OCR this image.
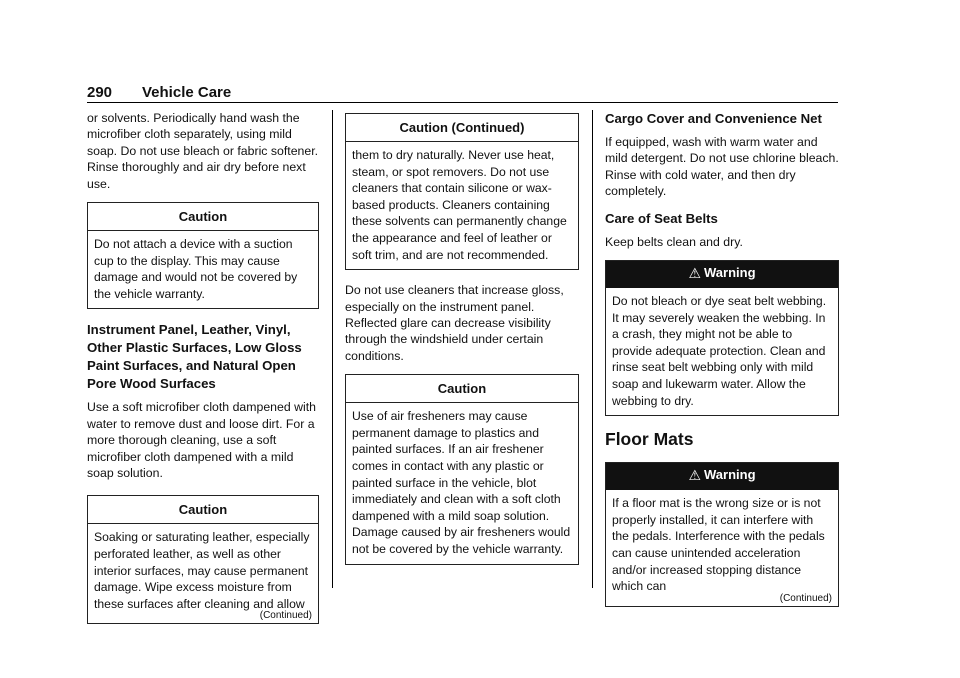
290 Vehicle Care

or solvents. Periodically hand wash the microfiber cloth separately, using mild soap. Do not use bleach or fabric softener. Rinse thoroughly and air dry before next use.

Caution
Do not attach a device with a suction cup to the display. This may cause damage and would not be covered by the vehicle warranty.
Instrument Panel, Leather, Vinyl, Other Plastic Surfaces, Low Gloss Paint Surfaces, and Natural Open Pore Wood Surfaces

Use a soft microfiber cloth dampened with water to remove dust and loose dirt. For a more thorough cleaning, use a soft microfiber cloth dampened with a mild soap solution.

Caution
Soaking or saturating leather, especially perforated leather, as well as other interior surfaces, may cause permanent damage. Wipe excess moisture from these surfaces after cleaning and allow
(Continued)
Caution (Continued)
them to dry naturally. Never use heat, steam, or spot removers. Do not use cleaners that contain silicone or wax-based products. Cleaners containing these solvents can permanently change the appearance and feel of leather or soft trim, and are not recommended.

Do not use cleaners that increase gloss, especially on the instrument panel. Reflected glare can decrease visibility through the windshield under certain conditions.

Caution
Use of air fresheners may cause permanent damage to plastics and painted surfaces. If an air freshener comes in contact with any plastic or painted surface in the vehicle, blot immediately and clean with a soft cloth dampened with a mild soap solution. Damage caused by air fresheners would not be covered by the vehicle warranty.
Cargo Cover and Convenience Net

If equipped, wash with warm water and mild detergent. Do not use chlorine bleach. Rinse with cold water, and then dry completely.

Care of Seat Belts

Keep belts clean and dry.

⚠ Warning
Do not bleach or dye seat belt webbing. It may severely weaken the webbing. In a crash, they might not be able to provide adequate protection. Clean and rinse seat belt webbing only with mild soap and lukewarm water. Allow the webbing to dry.
Floor Mats
⚠ Warning
If a floor mat is the wrong size or is not properly installed, it can interfere with the pedals. Interference with the pedals can cause unintended acceleration and/or increased stopping distance which can
(Continued)
